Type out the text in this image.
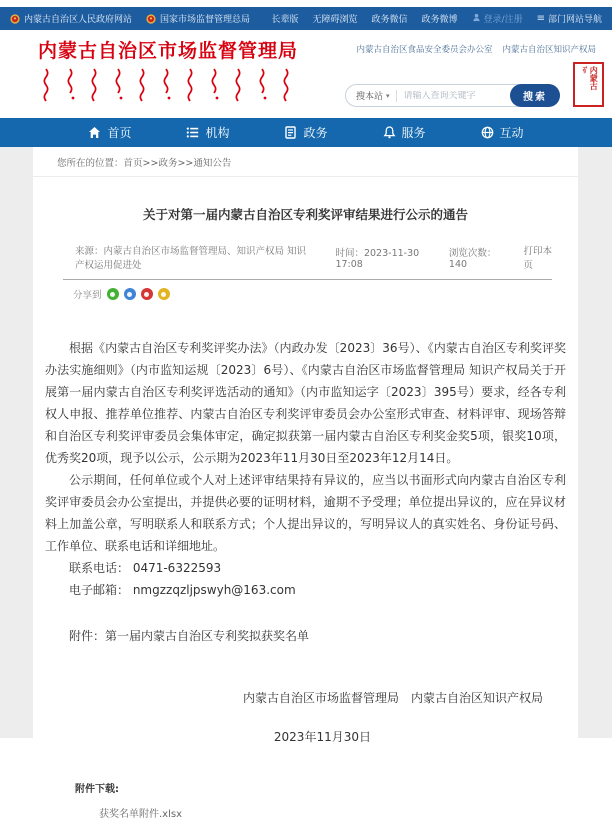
内蒙古自治区人民政府网站	国家市场监督管理总局 长辈版 无障碍浏览 政务微信 政务微博	登录/注册 ≡ 部门网站导航
内蒙古自治区市场监督管理局	内蒙古自治区食品安全委员会办公室 内蒙古自治区知识产权局
搜本站 ▾
请输入查询关键字	搜索
᠎ᠮᠥ 内蒙古
首页	机构	政务	服务	互动
您所在的位置：首页>>政务>>通知公告
关于对第一届内蒙古自治区专利奖评审结果进行公示的通告
来源：内蒙古自治区市场监督管理局、知识产权局 知识产权运用促进处
时间：2023-11-30 17:08
浏览次数：140
打印本页
分享到

根据《内蒙古自治区专利奖评奖办法》（内政办发〔2023〕36号）、《内蒙古自治区专利奖评奖办法实施细则》（内市监知运规〔2023〕6号）、《内蒙古自治区市场监督管理局 知识产权局关于开展第一届内蒙古自治区专利奖评选活动的通知》（内市监知运字〔2023〕395号）要求，经各专利权人申报、推荐单位推荐、内蒙古自治区专利奖评审委员会办公室形式审查、材料评审、现场答辩和自治区专利奖评审委员会集体审定，确定拟获第一届内蒙古自治区专利奖金奖5项，银奖10项，优秀奖20项，现予以公示，公示期为2023年11月30日至2023年12月14日。

公示期间，任何单位或个人对上述评审结果持有异议的，应当以书面形式向内蒙古自治区专利奖评审委员会办公室提出，并提供必要的证明材料，逾期不予受理；单位提出异议的，应在异议材料上加盖公章，写明联系人和联系方式；个人提出异议的，写明异议人的真实姓名、身份证号码、工作单位、联系电话和详细地址。

联系电话： 0471-6322593

电子邮箱： nmgzzqzljpswyh@163.com

附件：第一届内蒙古自治区专利奖拟获奖名单

内蒙古自治区市场监督管理局　内蒙古自治区知识产权局
2023年11月30日
附件下载:
获奖名单附件.xlsx
